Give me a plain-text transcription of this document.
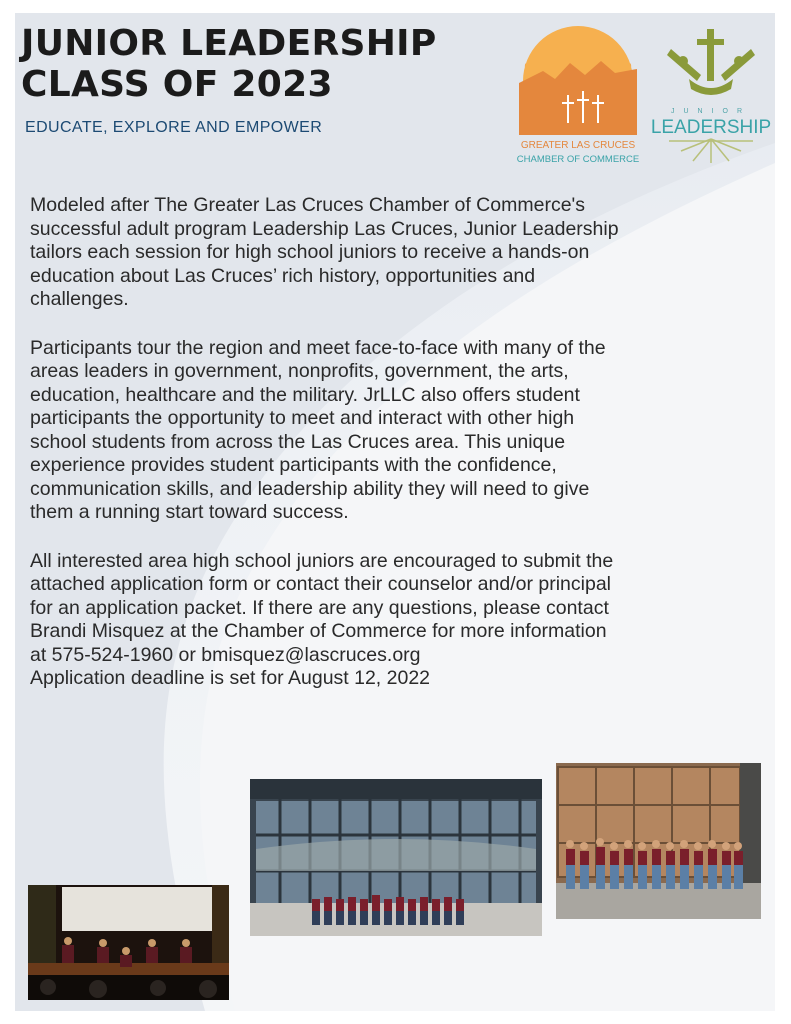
JUNIOR LEADERSHIP
CLASS OF 2023

EDUCATE, EXPLORE AND EMPOWER

GREATER LAS CRUCES
CHAMBER OF COMMERCE
JUNIOR
LEADERSHIP

Modeled after The Greater Las Cruces Chamber of Commerce's
successful adult program Leadership Las Cruces, Junior Leadership
tailors each session for high school juniors to receive a hands-on
education about Las Cruces’ rich history, opportunities and
challenges.

Participants tour the region and meet face-to-face with many of the
areas leaders in government, nonprofits, government, the arts,
education, healthcare and the military. JrLLC also offers student
participants the opportunity to meet and interact with other high
school students from across the Las Cruces area. This unique
experience provides student participants with the confidence,
communication skills, and leadership ability they will need to give
them a running start toward success.

All interested area high school juniors are encouraged to submit the
attached application form or contact their counselor and/or principal
for an application packet. If there are any questions, please contact
Brandi Misquez at the Chamber of Commerce for more information
at 575-524-1960 or bmisquez@lascruces.org
Application deadline is set for August 12, 2022
